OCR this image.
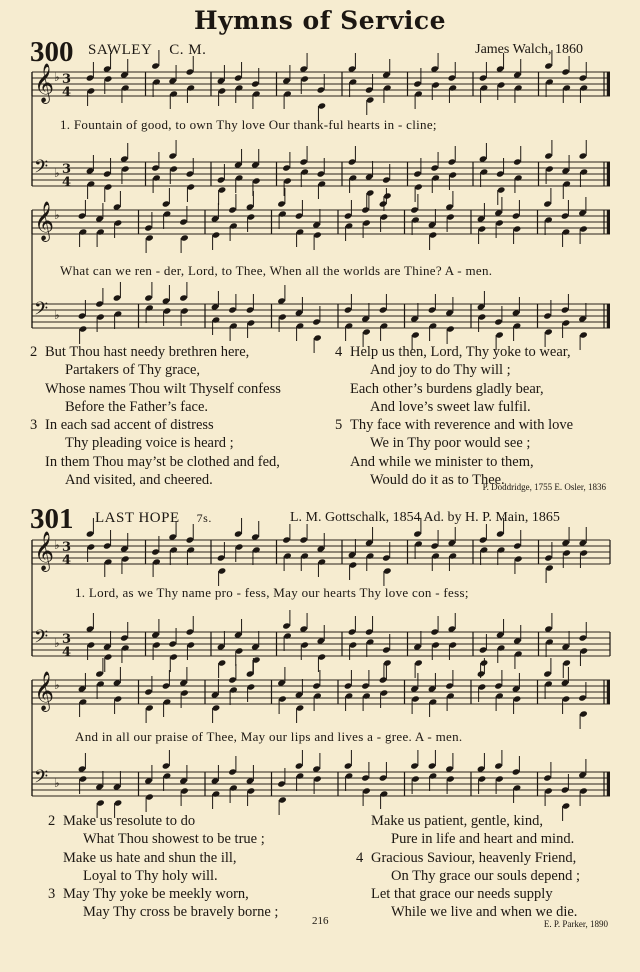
Hymns of Service
300 SAWLEY C. M.	James Walch, 1860
𝄞 ♭ 3
4
𝄢 ♭ 3
4
1. Fountain of good, to own Thy love Our thank-ful hearts in - cline;
𝄞 ♭
𝄢 ♭
What can we ren - der, Lord, to Thee, When all the worlds are Thine? A - men.
2 But Thou hast needy brethren here,
Partakers of Thy grace,
Whose names Thou wilt Thyself confess
Before the Father’s face.
3 In each sad accent of distress
Thy pleading voice is heard ;
In them Thou may’st be clothed and fed,
And visited, and cheered.
4 Help us then, Lord, Thy yoke to wear,
And joy to do Thy will ;
Each other’s burdens gladly bear,
And love’s sweet law fulfil.
5 Thy face with reverence and with love
We in Thy poor would see ;
And while we minister to them,
Would do it as to Thee.
P. Doddridge, 1755 E. Osler, 1836
301 LAST HOPE 7s.	L. M. Gottschalk, 1854 Ad. by H. P. Main, 1865
𝄞 ♭ 3
4
𝄢 ♭ 3
4
1. Lord, as we Thy name pro - fess, May our hearts Thy love con - fess;
𝄞 ♭
𝄢 ♭
And in all our praise of Thee, May our lips and lives a - gree. A - men.
2 Make us resolute to do
What Thou showest to be true ;
Make us hate and shun the ill,
Loyal to Thy holy will.
3 May Thy yoke be meekly worn,
May Thy cross be bravely borne ;
Make us patient, gentle, kind,
Pure in life and heart and mind.
4 Gracious Saviour, heavenly Friend,
On Thy grace our souls depend ;
Let that grace our needs supply
While we live and when we die.
216	E. P. Parker, 1890
